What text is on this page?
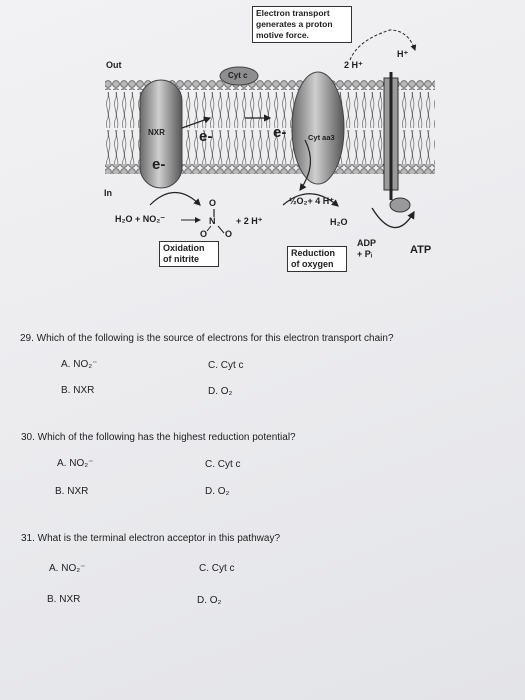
Electron transport generates a proton motive force.
Out
In
Cyt c
NXR e-	e-
e-
Cyt aa3
2 H⁺
H⁺
H₂O + NO₂⁻
O
N
O O
+ 2 H⁺
½O₂+ 4 H⁺
H₂O
Oxidation of nitrite
Reduction of oxygen
ADP + Pᵢ	ATP
29. Which of the following is the source of electrons for this electron transport chain?
A. NO₂⁻	C. Cyt c
B. NXR	D. O₂
30. Which of the following has the highest reduction potential?
A. NO₂⁻	C. Cyt c
B. NXR	D. O₂
31. What is the terminal electron acceptor in this pathway?
A. NO₂⁻	C. Cyt c
B. NXR	D. O₂
